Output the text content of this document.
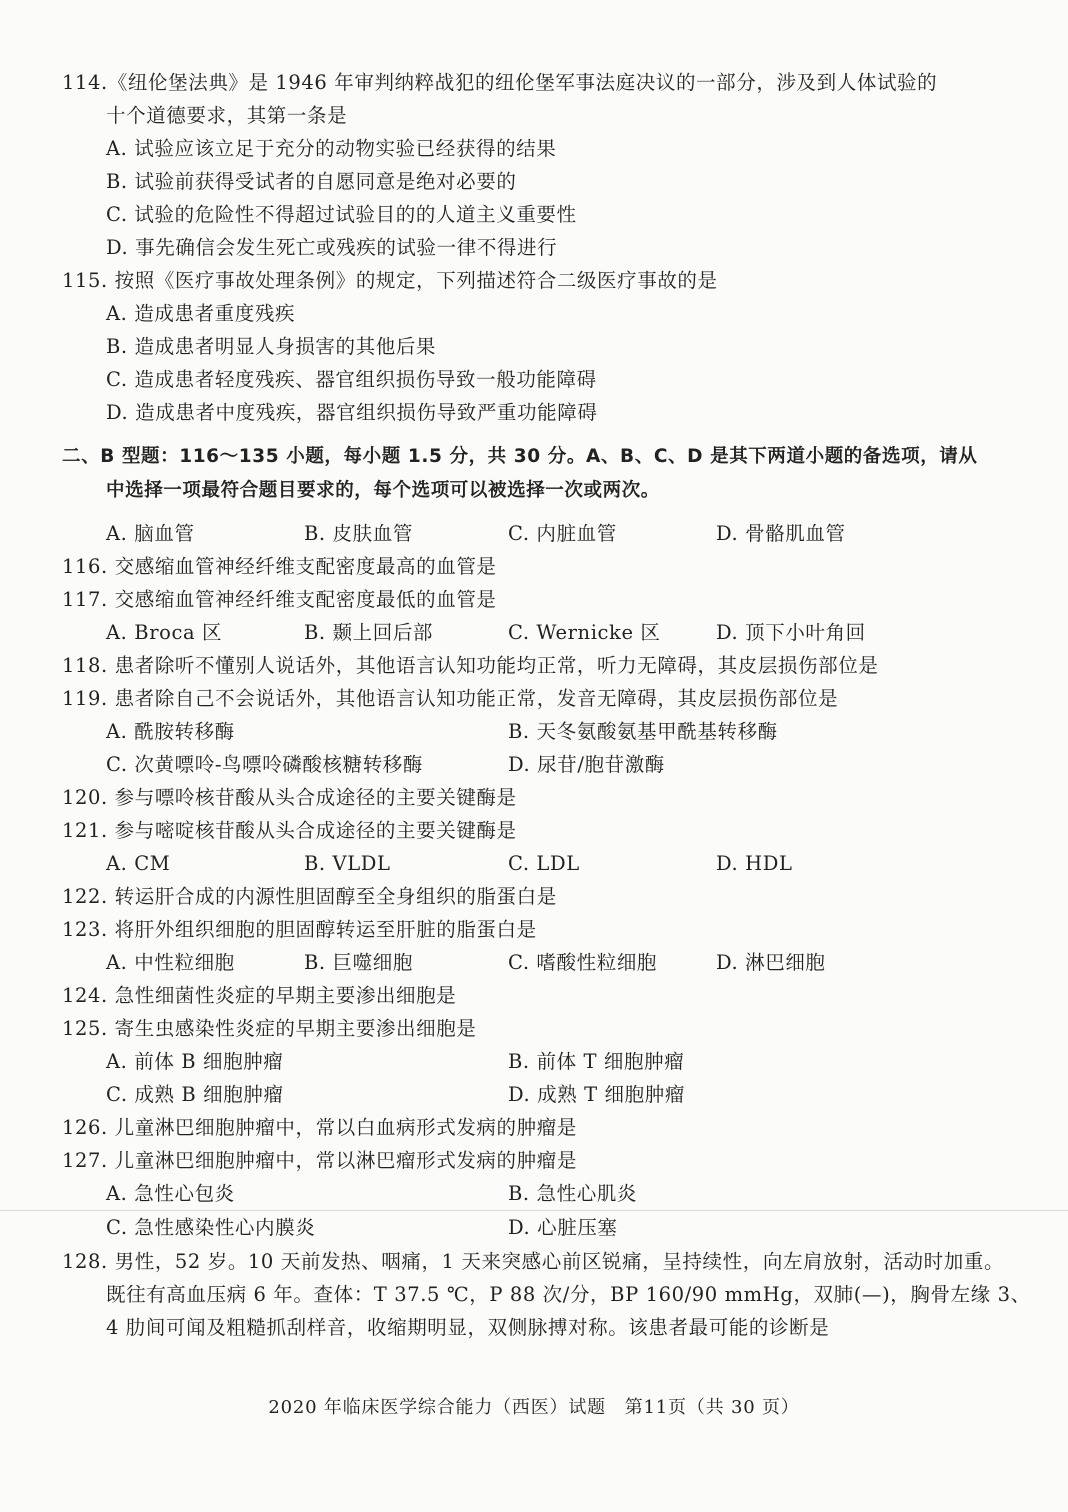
114.《纽伦堡法典》是 1946 年审判纳粹战犯的纽伦堡军事法庭决议的一部分，涉及到人体试验的
十个道德要求，其第一条是
A. 试验应该立足于充分的动物实验已经获得的结果
B. 试验前获得受试者的自愿同意是绝对必要的
C. 试验的危险性不得超过试验目的的人道主义重要性
D. 事先确信会发生死亡或残疾的试验一律不得进行
115. 按照《医疗事故处理条例》的规定，下列描述符合二级医疗事故的是
A. 造成患者重度残疾
B. 造成患者明显人身损害的其他后果
C. 造成患者轻度残疾、器官组织损伤导致一般功能障碍
D. 造成患者中度残疾，器官组织损伤导致严重功能障碍
二、B 型题：116～135 小题，每小题 1.5 分，共 30 分。A、B、C、D 是其下两道小题的备选项，请从
中选择一项最符合题目要求的，每个选项可以被选择一次或两次。
A. 脑血管	B. 皮肤血管	C. 内脏血管	D. 骨骼肌血管
116. 交感缩血管神经纤维支配密度最高的血管是
117. 交感缩血管神经纤维支配密度最低的血管是
A. Broca 区	B. 颞上回后部	C. Wernicke 区	D. 顶下小叶角回
118. 患者除听不懂别人说话外，其他语言认知功能均正常，听力无障碍，其皮层损伤部位是
119. 患者除自己不会说话外，其他语言认知功能正常，发音无障碍，其皮层损伤部位是
A. 酰胺转移酶	B. 天冬氨酸氨基甲酰基转移酶
C. 次黄嘌呤-鸟嘌呤磷酸核糖转移酶	D. 尿苷/胞苷激酶
120. 参与嘌呤核苷酸从头合成途径的主要关键酶是
121. 参与嘧啶核苷酸从头合成途径的主要关键酶是
A. CM	B. VLDL	C. LDL	D. HDL
122. 转运肝合成的内源性胆固醇至全身组织的脂蛋白是
123. 将肝外组织细胞的胆固醇转运至肝脏的脂蛋白是
A. 中性粒细胞	B. 巨噬细胞	C. 嗜酸性粒细胞	D. 淋巴细胞
124. 急性细菌性炎症的早期主要渗出细胞是
125. 寄生虫感染性炎症的早期主要渗出细胞是
A. 前体 B 细胞肿瘤	B. 前体 T 细胞肿瘤
C. 成熟 B 细胞肿瘤	D. 成熟 T 细胞肿瘤
126. 儿童淋巴细胞肿瘤中，常以白血病形式发病的肿瘤是
127. 儿童淋巴细胞肿瘤中，常以淋巴瘤形式发病的肿瘤是
A. 急性心包炎	B. 急性心肌炎
C. 急性感染性心内膜炎	D. 心脏压塞
128. 男性，52 岁。10 天前发热、咽痛，1 天来突感心前区锐痛，呈持续性，向左肩放射，活动时加重。
既往有高血压病 6 年。查体：T 37.5 ℃，P 88 次/分，BP 160/90 mmHg，双肺(—)，胸骨左缘 3、
4 肋间可闻及粗糙抓刮样音，收缩期明显，双侧脉搏对称。该患者最可能的诊断是
2020 年临床医学综合能力（西医）试题　第11页（共 30 页）
